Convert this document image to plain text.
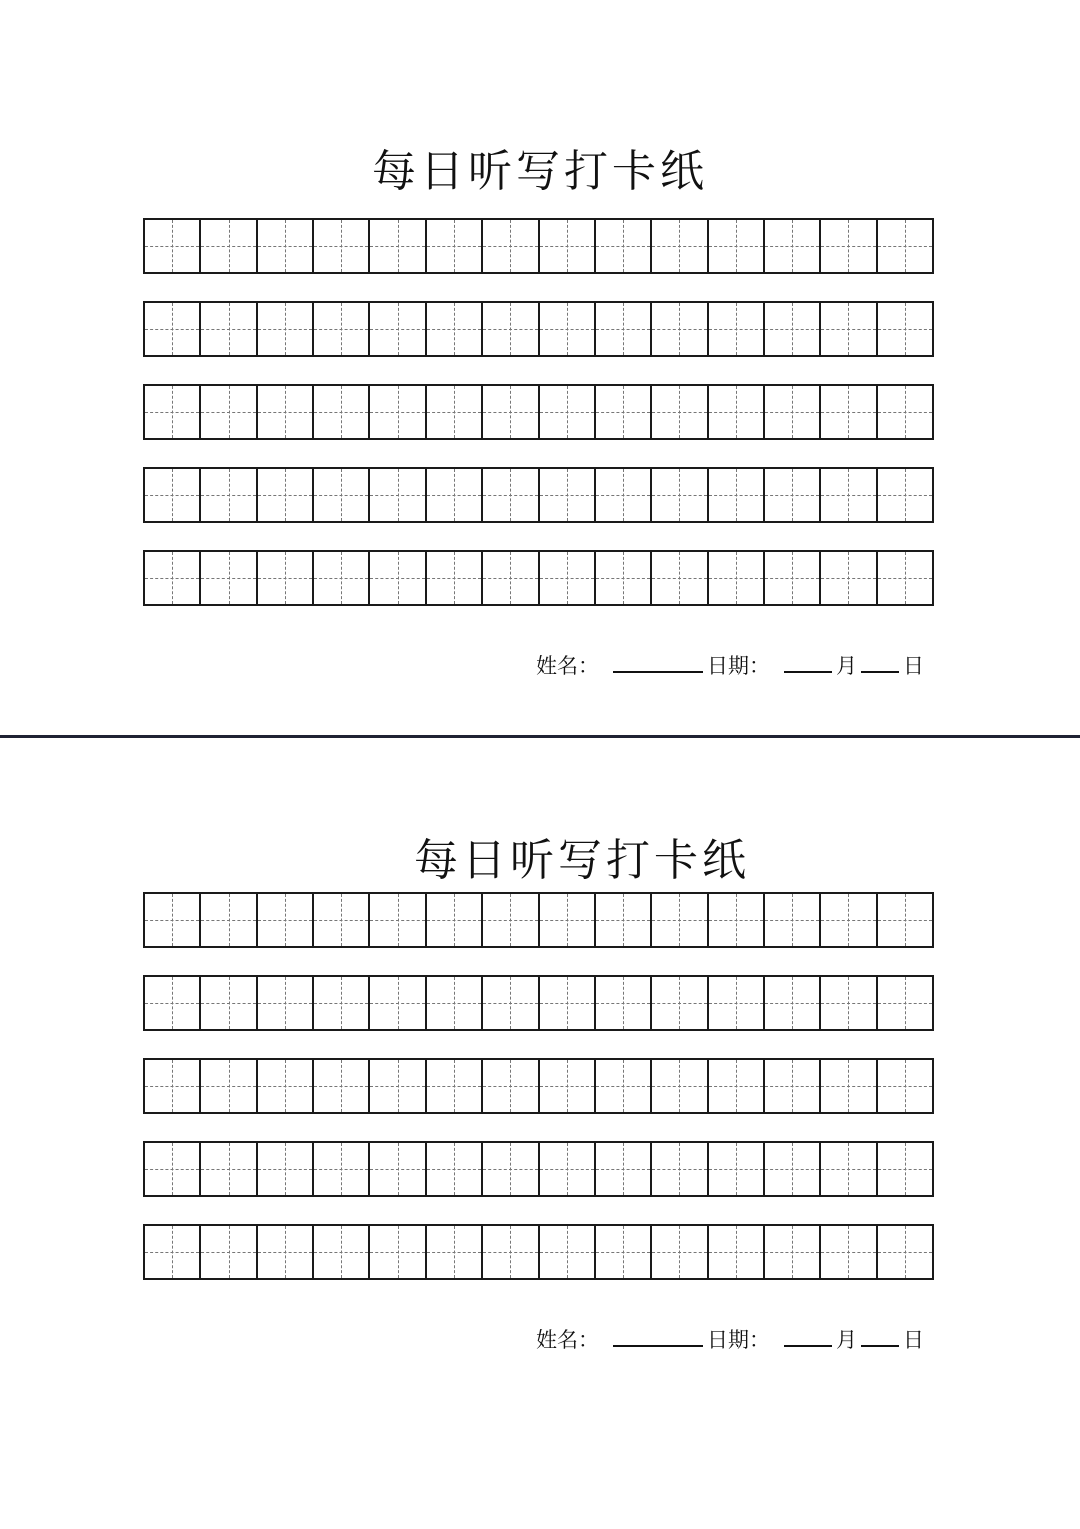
每日听写打卡纸
姓名：	日期：	月 日
每日听写打卡纸
姓名：	日期：	月 日
